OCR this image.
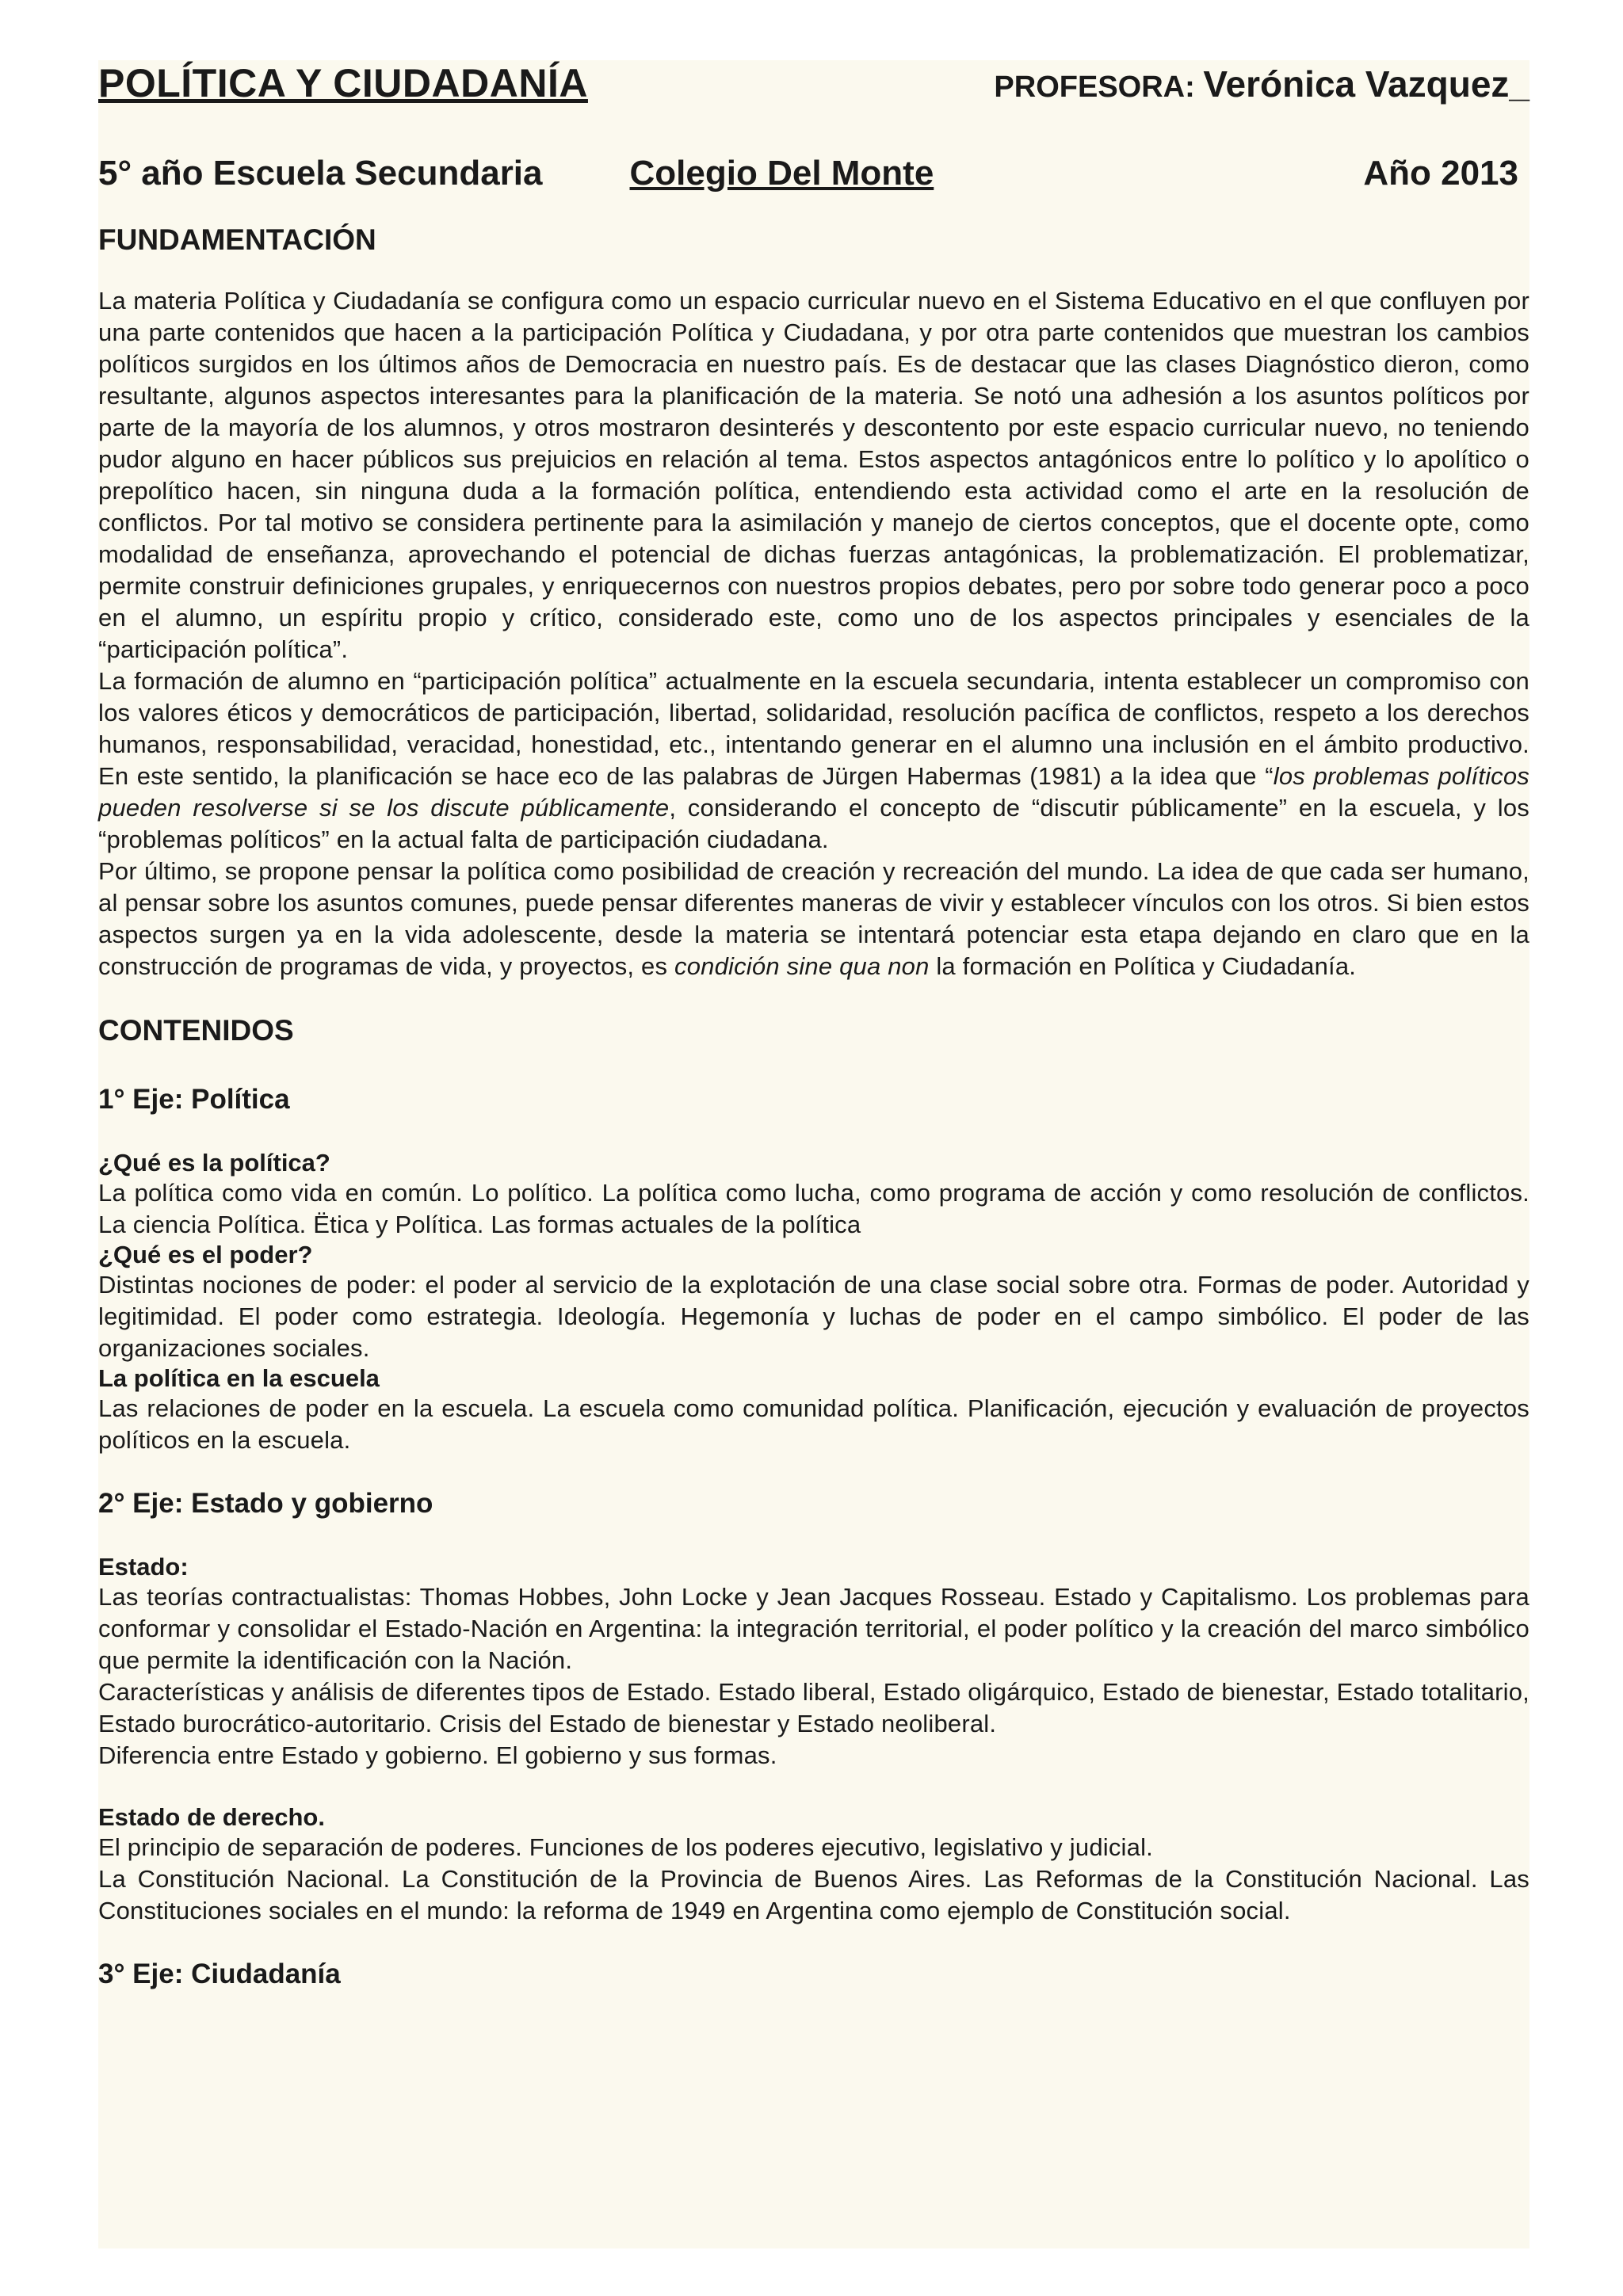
POLÍTICA Y CIUDADANÍA	PROFESORA: Verónica Vazquez_
5° año Escuela Secundaria	Colegio Del Monte	Año 2013
FUNDAMENTACIÓN

La materia Política y Ciudadanía se configura como un espacio curricular nuevo en el Sistema Educativo en el que confluyen por una parte contenidos que hacen a la participación Política y Ciudadana, y por otra parte contenidos que muestran los cambios políticos surgidos en los últimos años de Democracia en nuestro país. Es de destacar que las clases Diagnóstico dieron, como resultante, algunos aspectos interesantes para la planificación de la materia. Se notó una adhesión a los asuntos políticos por parte de la mayoría de los alumnos, y otros mostraron desinterés y descontento por este espacio curricular nuevo, no teniendo pudor alguno en hacer públicos sus prejuicios en relación al tema. Estos aspectos antagónicos entre lo político y lo apolítico o prepolítico hacen, sin ninguna duda a la formación política, entendiendo esta actividad como el arte en la resolución de conflictos. Por tal motivo se considera pertinente para la asimilación y manejo de ciertos conceptos, que el docente opte, como modalidad de enseñanza, aprovechando el potencial de dichas fuerzas antagónicas, la problematización. El problematizar, permite construir definiciones grupales, y enriquecernos con nuestros propios debates, pero por sobre todo generar poco a poco en el alumno, un espíritu propio y crítico, considerado este, como uno de los aspectos principales y esenciales de la “participación política”.

La formación de alumno en “participación política” actualmente en la escuela secundaria, intenta establecer un compromiso con los valores éticos y democráticos de participación, libertad, solidaridad, resolución pacífica de conflictos, respeto a los derechos humanos, responsabilidad, veracidad, honestidad, etc., intentando generar en el alumno una inclusión en el ámbito productivo. En este sentido, la planificación se hace eco de las palabras de Jürgen Habermas (1981) a la idea que “los problemas políticos pueden resolverse si se los discute públicamente, considerando el concepto de “discutir públicamente” en la escuela, y los “problemas políticos” en la actual falta de participación ciudadana.

Por último, se propone pensar la política como posibilidad de creación y recreación del mundo. La idea de que cada ser humano, al pensar sobre los asuntos comunes, puede pensar diferentes maneras de vivir y establecer vínculos con los otros. Si bien estos aspectos surgen ya en la vida adolescente, desde la materia se intentará potenciar esta etapa dejando en claro que en la construcción de programas de vida, y proyectos, es condición sine qua non la formación en Política y Ciudadanía.

CONTENIDOS
1° Eje: Política
¿Qué es la política?

La política como vida en común. Lo político. La política como lucha, como programa de acción y como resolución de conflictos. La ciencia Política. Ëtica y Política. Las formas actuales de la política

¿Qué es el poder?

Distintas nociones de poder: el poder al servicio de la explotación de una clase social sobre otra. Formas de poder. Autoridad y legitimidad. El poder como estrategia. Ideología. Hegemonía y luchas de poder en el campo simbólico. El poder de las organizaciones sociales.

La política en la escuela

Las relaciones de poder en la escuela. La escuela como comunidad política. Planificación, ejecución y evaluación de proyectos políticos en la escuela.

2° Eje: Estado y gobierno
Estado:

Las teorías contractualistas: Thomas Hobbes, John Locke y Jean Jacques Rosseau. Estado y Capitalismo. Los problemas para conformar y consolidar el Estado-Nación en Argentina: la integración territorial, el poder político y la creación del marco simbólico que permite la identificación con la Nación.

Características y análisis de diferentes tipos de Estado. Estado liberal, Estado oligárquico, Estado de bienestar, Estado totalitario, Estado burocrático-autoritario. Crisis del Estado de bienestar y Estado neoliberal.

Diferencia entre Estado y gobierno. El gobierno y sus formas.

Estado de derecho.

El principio de separación de poderes. Funciones de los poderes ejecutivo, legislativo y judicial.

La Constitución Nacional. La Constitución de la Provincia de Buenos Aires. Las Reformas de la Constitución Nacional. Las Constituciones sociales en el mundo: la reforma de 1949 en Argentina como ejemplo de Constitución social.

3° Eje: Ciudadanía
